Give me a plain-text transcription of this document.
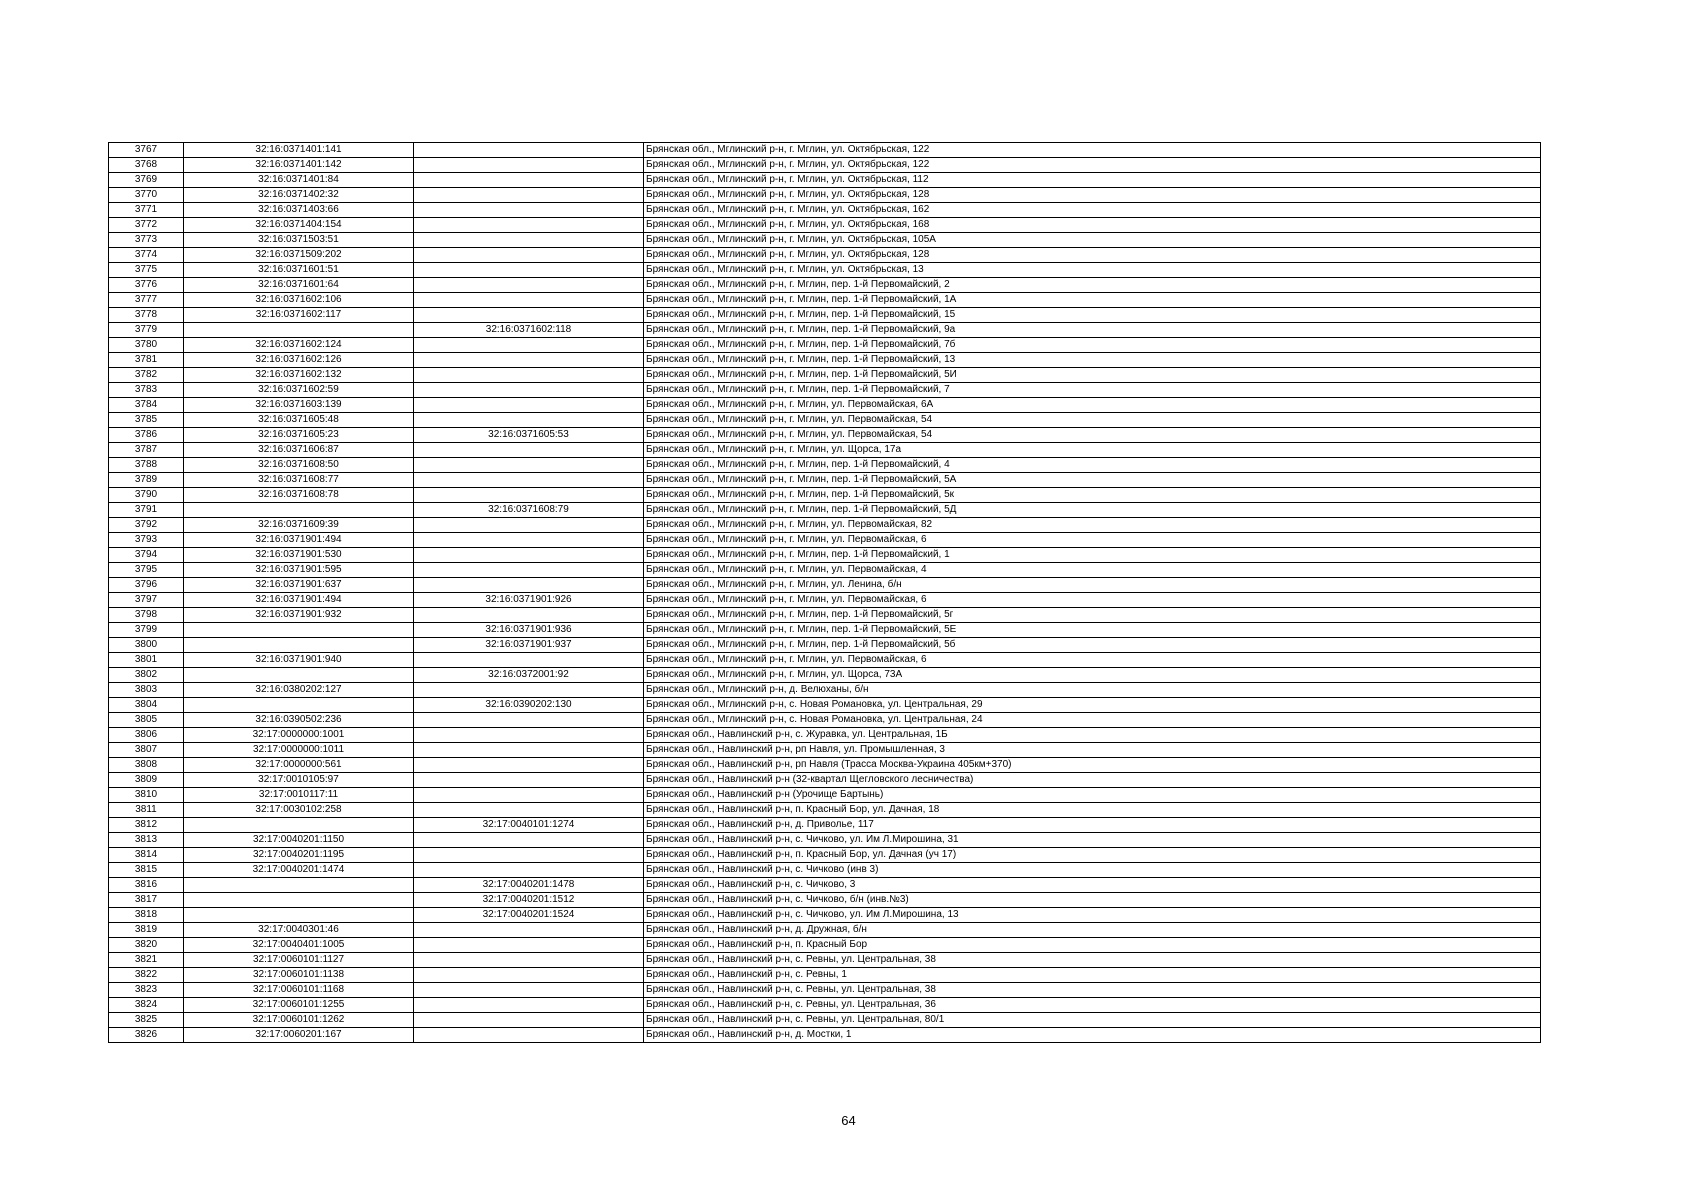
3767	32:16:0371401:141		Брянская обл., Мглинский р-н, г. Мглин, ул. Октябрьская, 122
3768	32:16:0371401:142		Брянская обл., Мглинский р-н, г. Мглин, ул. Октябрьская, 122
3769	32:16:0371401:84		Брянская обл., Мглинский р-н, г. Мглин, ул. Октябрьская, 112
3770	32:16:0371402:32		Брянская обл., Мглинский р-н, г. Мглин, ул. Октябрьская, 128
3771	32:16:0371403:66		Брянская обл., Мглинский р-н, г. Мглин, ул. Октябрьская, 162
3772	32:16:0371404:154		Брянская обл., Мглинский р-н, г. Мглин, ул. Октябрьская, 168
3773	32:16:0371503:51		Брянская обл., Мглинский р-н, г. Мглин, ул. Октябрьская, 105А
3774	32:16:0371509:202		Брянская обл., Мглинский р-н, г. Мглин, ул. Октябрьская, 128
3775	32:16:0371601:51		Брянская обл., Мглинский р-н, г. Мглин, ул. Октябрьская, 13
3776	32:16:0371601:64		Брянская обл., Мглинский р-н, г. Мглин, пер. 1-й Первомайский, 2
3777	32:16:0371602:106		Брянская обл., Мглинский р-н, г. Мглин, пер. 1-й Первомайский, 1А
3778	32:16:0371602:117		Брянская обл., Мглинский р-н, г. Мглин, пер. 1-й Первомайский, 15
3779		32:16:0371602:118	Брянская обл., Мглинский р-н, г. Мглин, пер. 1-й Первомайский, 9а
3780	32:16:0371602:124		Брянская обл., Мглинский р-н, г. Мглин, пер. 1-й Первомайский, 7б
3781	32:16:0371602:126		Брянская обл., Мглинский р-н, г. Мглин, пер. 1-й Первомайский, 13
3782	32:16:0371602:132		Брянская обл., Мглинский р-н, г. Мглин, пер. 1-й Первомайский, 5И
3783	32:16:0371602:59		Брянская обл., Мглинский р-н, г. Мглин, пер. 1-й Первомайский, 7
3784	32:16:0371603:139		Брянская обл., Мглинский р-н, г. Мглин, ул. Первомайская, 6А
3785	32:16:0371605:48		Брянская обл., Мглинский р-н, г. Мглин, ул. Первомайская, 54
3786	32:16:0371605:23	32:16:0371605:53	Брянская обл., Мглинский р-н, г. Мглин, ул. Первомайская, 54
3787	32:16:0371606:87		Брянская обл., Мглинский р-н, г. Мглин, ул. Щорса, 17а
3788	32:16:0371608:50		Брянская обл., Мглинский р-н, г. Мглин, пер. 1-й Первомайский, 4
3789	32:16:0371608:77		Брянская обл., Мглинский р-н, г. Мглин, пер. 1-й Первомайский, 5А
3790	32:16:0371608:78		Брянская обл., Мглинский р-н, г. Мглин, пер. 1-й Первомайский, 5к
3791		32:16:0371608:79	Брянская обл., Мглинский р-н, г. Мглин, пер. 1-й Первомайский, 5Д
3792	32:16:0371609:39		Брянская обл., Мглинский р-н, г. Мглин, ул. Первомайская, 82
3793	32:16:0371901:494		Брянская обл., Мглинский р-н, г. Мглин, ул. Первомайская, 6
3794	32:16:0371901:530		Брянская обл., Мглинский р-н, г. Мглин, пер. 1-й Первомайский, 1
3795	32:16:0371901:595		Брянская обл., Мглинский р-н, г. Мглин, ул. Первомайская, 4
3796	32:16:0371901:637		Брянская обл., Мглинский р-н, г. Мглин, ул. Ленина, б/н
3797	32:16:0371901:494	32:16:0371901:926	Брянская обл., Мглинский р-н, г. Мглин, ул. Первомайская, 6
3798	32:16:0371901:932		Брянская обл., Мглинский р-н, г. Мглин, пер. 1-й Первомайский, 5г
3799		32:16:0371901:936	Брянская обл., Мглинский р-н, г. Мглин, пер. 1-й Первомайский, 5Е
3800		32:16:0371901:937	Брянская обл., Мглинский р-н, г. Мглин, пер. 1-й Первомайский, 5б
3801	32:16:0371901:940		Брянская обл., Мглинский р-н, г. Мглин, ул. Первомайская, 6
3802		32:16:0372001:92	Брянская обл., Мглинский р-н, г. Мглин, ул. Щорса, 73А
3803	32:16:0380202:127		Брянская обл., Мглинский р-н, д. Велюханы, б/н
3804		32:16:0390202:130	Брянская обл., Мглинский р-н, с. Новая Романовка, ул. Центральная, 29
3805	32:16:0390502:236		Брянская обл., Мглинский р-н, с. Новая Романовка, ул. Центральная, 24
3806	32:17:0000000:1001		Брянская обл., Навлинский р-н, с. Журавка, ул. Центральная, 1Б
3807	32:17:0000000:1011		Брянская обл., Навлинский р-н, рп Навля, ул. Промышленная, 3
3808	32:17:0000000:561		Брянская обл., Навлинский р-н, рп Навля (Трасса Москва-Украина 405км+370)
3809	32:17:0010105:97		Брянская обл., Навлинский р-н (32-квартал Щегловского лесничества)
3810	32:17:0010117:11		Брянская обл., Навлинский р-н (Урочище Бартынь)
3811	32:17:0030102:258		Брянская обл., Навлинский р-н, п. Красный Бор, ул. Дачная, 18
3812		32:17:0040101:1274	Брянская обл., Навлинский р-н, д. Приволье, 117
3813	32:17:0040201:1150		Брянская обл., Навлинский р-н, с. Чичково, ул. Им Л.Мирошина, 31
3814	32:17:0040201:1195		Брянская обл., Навлинский р-н, п. Красный Бор, ул. Дачная (уч 17)
3815	32:17:0040201:1474		Брянская обл., Навлинский р-н, с. Чичково (инв 3)
3816		32:17:0040201:1478	Брянская обл., Навлинский р-н, с. Чичково, 3
3817		32:17:0040201:1512	Брянская обл., Навлинский р-н, с. Чичково, б/н (инв.№3)
3818		32:17:0040201:1524	Брянская обл., Навлинский р-н, с. Чичково, ул. Им Л.Мирошина, 13
3819	32:17:0040301:46		Брянская обл., Навлинский р-н, д. Дружная, б/н
3820	32:17:0040401:1005		Брянская обл., Навлинский р-н, п. Красный Бор
3821	32:17:0060101:1127		Брянская обл., Навлинский р-н, с. Ревны, ул. Центральная, 38
3822	32:17:0060101:1138		Брянская обл., Навлинский р-н, с. Ревны, 1
3823	32:17:0060101:1168		Брянская обл., Навлинский р-н, с. Ревны, ул. Центральная, 38
3824	32:17:0060101:1255		Брянская обл., Навлинский р-н, с. Ревны, ул. Центральная, 36
3825	32:17:0060101:1262		Брянская обл., Навлинский р-н, с. Ревны, ул. Центральная, 80/1
3826	32:17:0060201:167		Брянская обл., Навлинский р-н, д. Мостки, 1
64
